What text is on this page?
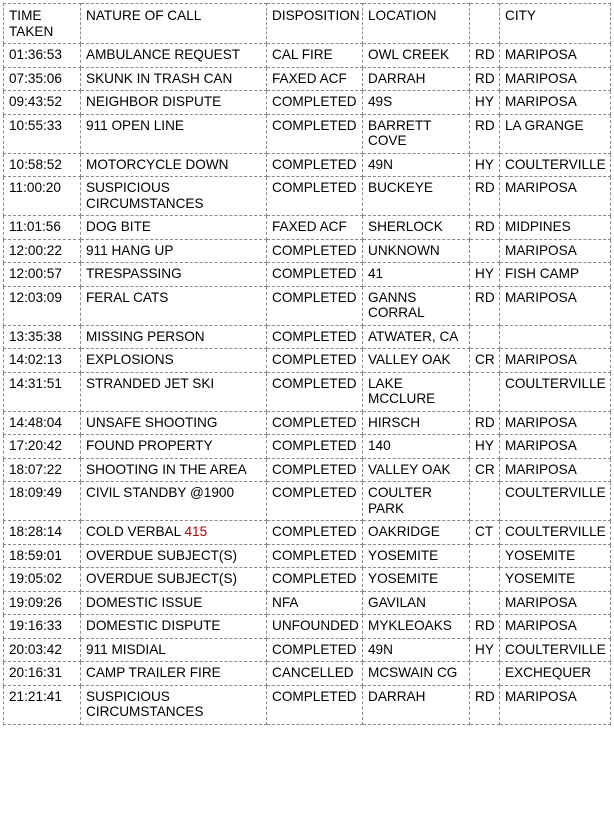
TIME TAKEN	NATURE OF CALL	DISPOSITION	LOCATION		CITY
01:36:53	AMBULANCE REQUEST	CAL FIRE	OWL CREEK	RD	MARIPOSA
07:35:06	SKUNK IN TRASH CAN	FAXED ACF	DARRAH	RD	MARIPOSA
09:43:52	NEIGHBOR DISPUTE	COMPLETED	49S	HY	MARIPOSA
10:55:33	911 OPEN LINE	COMPLETED	BARRETT COVE	RD	LA GRANGE
10:58:52	MOTORCYCLE DOWN	COMPLETED	49N	HY	COULTERVILLE
11:00:20	SUSPICIOUS CIRCUMSTANCES	COMPLETED	BUCKEYE	RD	MARIPOSA
11:01:56	DOG BITE	FAXED ACF	SHERLOCK	RD	MIDPINES
12:00:22	911 HANG UP	COMPLETED	UNKNOWN		MARIPOSA
12:00:57	TRESPASSING	COMPLETED	41	HY	FISH CAMP
12:03:09	FERAL CATS	COMPLETED	GANNS CORRAL	RD	MARIPOSA
13:35:38	MISSING PERSON	COMPLETED	ATWATER, CA		
14:02:13	EXPLOSIONS	COMPLETED	VALLEY OAK	CR	MARIPOSA
14:31:51	STRANDED JET SKI	COMPLETED	LAKE MCCLURE		COULTERVILLE
14:48:04	UNSAFE SHOOTING	COMPLETED	HIRSCH	RD	MARIPOSA
17:20:42	FOUND PROPERTY	COMPLETED	140	HY	MARIPOSA
18:07:22	SHOOTING IN THE AREA	COMPLETED	VALLEY OAK	CR	MARIPOSA
18:09:49	CIVIL STANDBY @1900	COMPLETED	COULTER PARK		COULTERVILLE
18:28:14	COLD VERBAL 415	COMPLETED	OAKRIDGE	CT	COULTERVILLE
18:59:01	OVERDUE SUBJECT(S)	COMPLETED	YOSEMITE		YOSEMITE
19:05:02	OVERDUE SUBJECT(S)	COMPLETED	YOSEMITE		YOSEMITE
19:09:26	DOMESTIC ISSUE	NFA	GAVILAN		MARIPOSA
19:16:33	DOMESTIC DISPUTE	UNFOUNDED	MYKLEOAKS	RD	MARIPOSA
20:03:42	911 MISDIAL	COMPLETED	49N	HY	COULTERVILLE
20:16:31	CAMP TRAILER FIRE	CANCELLED	MCSWAIN CG		EXCHEQUER
21:21:41	SUSPICIOUS CIRCUMSTANCES	COMPLETED	DARRAH	RD	MARIPOSA
